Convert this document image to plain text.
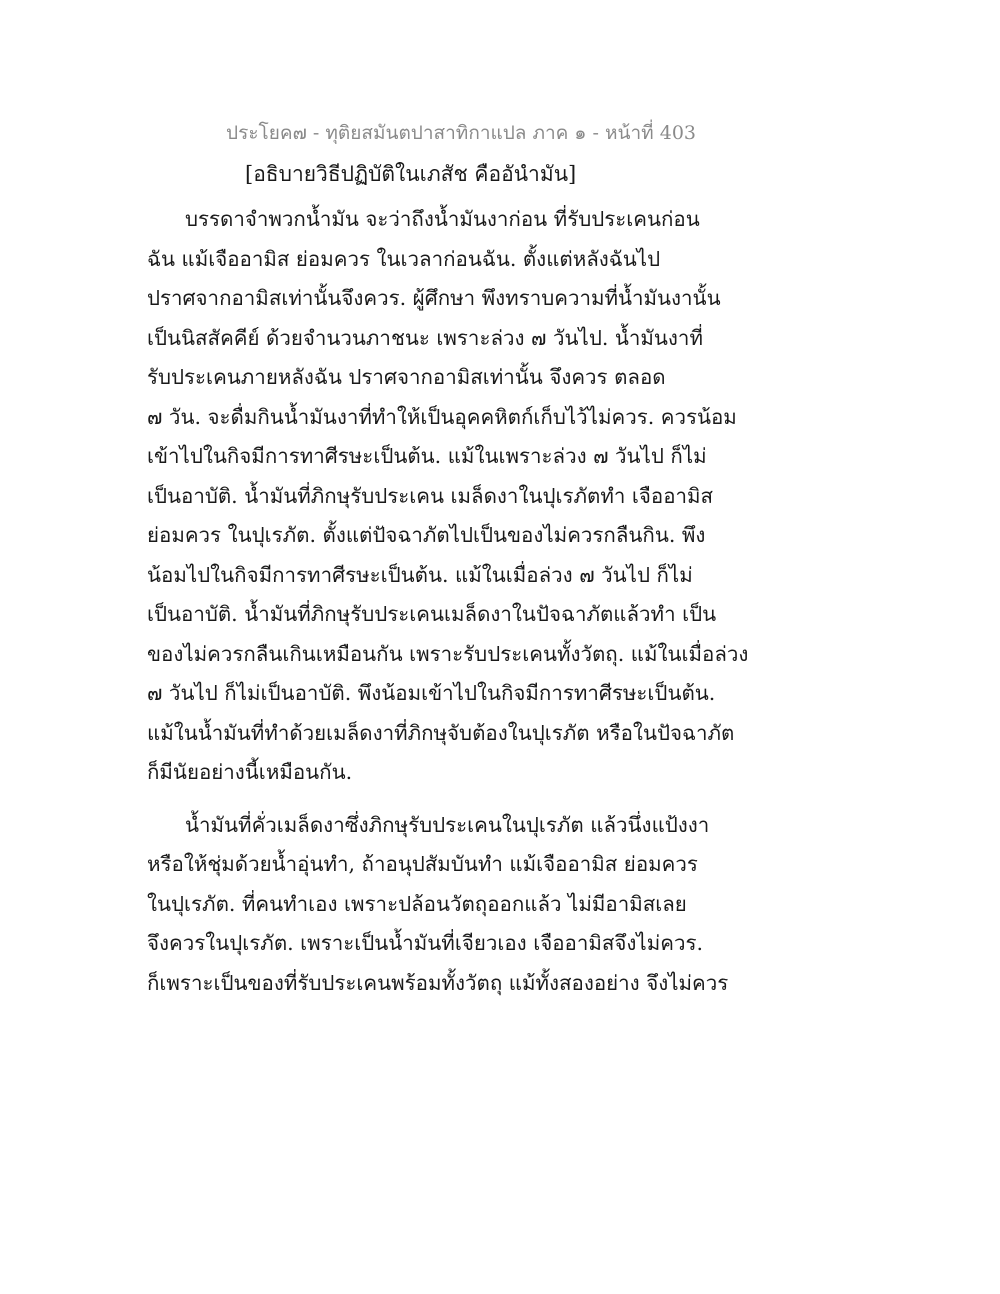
ประโยค๗ - ทุติยสมันตปาสาทิกาแปล ภาค ๑ - หน้าที่ 403
[อธิบายวิธีปฏิบัติในเภสัช คืออันำมัน]
บรรดาจำพวกน้ำมัน จะว่าถึงน้ำมันงาก่อน ที่รับประเคนก่อน
ฉัน แม้เจืออามิส ย่อมควร ในเวลาก่อนฉัน. ตั้งแต่หลังฉันไป
ปราศจากอามิสเท่านั้นจึงควร. ผู้ศึกษา พึงทราบความที่น้ำมันงานั้น
เป็นนิสสัคคีย์ ด้วยจำนวนภาชนะ เพราะล่วง ๗ วันไป. น้ำมันงาที่
รับประเคนภายหลังฉัน ปราศจากอามิสเท่านั้น จึงควร ตลอด
๗ วัน. จะดื่มกินน้ำมันงาที่ทำให้เป็นอุคคหิตก์เก็บไว้ไม่ควร. ควรน้อม
เข้าไปในกิจมีการทาศีรษะเป็นต้น. แม้ในเพราะล่วง ๗ วันไป ก็ไม่
เป็นอาบัติ. น้ำมันที่ภิกษุรับประเคน เมล็ดงาในปุเรภัตทำ เจืออามิส
ย่อมควร ในปุเรภัต. ตั้งแต่ปัจฉาภัตไปเป็นของไม่ควรกลืนกิน. พึง
น้อมไปในกิจมีการทาศีรษะเป็นต้น. แม้ในเมื่อล่วง ๗ วันไป ก็ไม่
เป็นอาบัติ. น้ำมันที่ภิกษุรับประเคนเมล็ดงาในปัจฉาภัตแล้วทำ เป็น
ของไม่ควรกลืนเกินเหมือนกัน เพราะรับประเคนทั้งวัตถุ. แม้ในเมื่อล่วง
๗ วันไป ก็ไม่เป็นอาบัติ. พึงน้อมเข้าไปในกิจมีการทาศีรษะเป็นต้น.
แม้ในน้ำมันที่ทำด้วยเมล็ดงาที่ภิกษุจับต้องในปุเรภัต หรือในปัจฉาภัต
ก็มีนัยอย่างนี้เหมือนกัน.
น้ำมันที่คั่วเมล็ดงาซึ่งภิกษุรับประเคนในปุเรภัต แล้วนึ่งแป้งงา
หรือให้ชุ่มด้วยน้ำอุ่นทำ, ถ้าอนุปสัมบันทำ แม้เจืออามิส ย่อมควร
ในปุเรภัต. ที่คนทำเอง เพราะปล้อนวัตถุออกแล้ว ไม่มีอามิสเลย
จึงควรในปุเรภัต. เพราะเป็นน้ำมันที่เจียวเอง เจืออามิสจึงไม่ควร.
ก็เพราะเป็นของที่รับประเคนพร้อมทั้งวัตถุ แม้ทั้งสองอย่าง จึงไม่ควร
